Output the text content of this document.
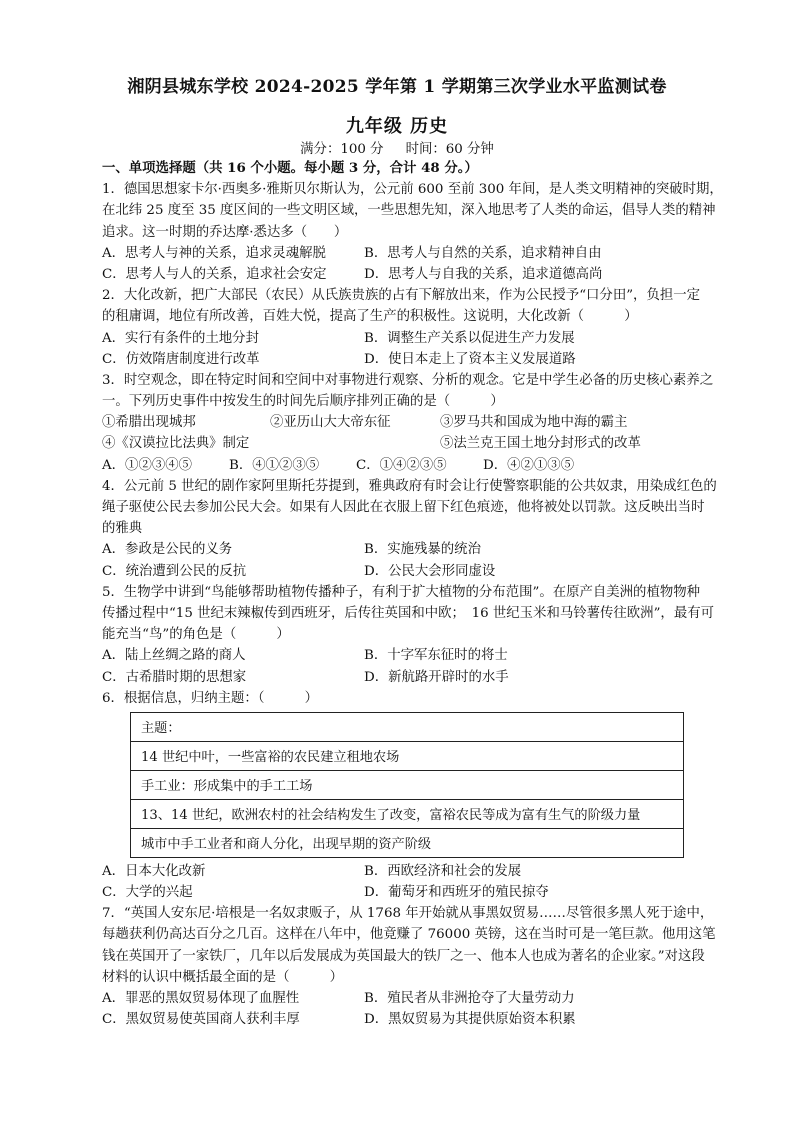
湘阴县城东学校 2024-2025 学年第 1 学期第三次学业水平监测试卷
九年级 历史
满分：100 分 时间：60 分钟
一、单项选择题（共 16 个小题。每小题 3 分，合计 48 分。）
1．德国思想家卡尔·西奥多·雅斯贝尔斯认为，公元前 600 至前 300 年间，是人类文明精神的突破时期，
在北纬 25 度至 35 度区间的一些文明区域，一些思想先知，深入地思考了人类的命运，倡导人类的精神
追求。这一时期的乔达摩·悉达多（　　）
A．思考人与神的关系，追求灵魂解脱	B．思考人与自然的关系，追求精神自由
C．思考人与人的关系，追求社会安定	D．思考人与自我的关系，追求道德高尚
2．大化改新，把广大部民（农民）从氏族贵族的占有下解放出来，作为公民授予“口分田”，负担一定
的租庸调，地位有所改善，百姓大悦，提高了生产的积极性。这说明，大化改新（　　　）
A．实行有条件的土地分封	B．调整生产关系以促进生产力发展
C．仿效隋唐制度进行改革	D．使日本走上了资本主义发展道路
3．时空观念，即在特定时间和空间中对事物进行观察、分析的观念。它是中学生必备的历史核心素养之
一。下列历史事件中按发生的时间先后顺序排列正确的是（　　　）
①希腊出现城邦	②亚历山大大帝东征	③罗马共和国成为地中海的霸主
④《汉谟拉比法典》制定	⑤法兰克王国土地分封形式的改革
A．①②③④⑤	B．④①②③⑤	C．①④②③⑤	D．④②①③⑤
4．公元前 5 世纪的剧作家阿里斯托芬提到，雅典政府有时会让行使警察职能的公共奴隶，用染成红色的
绳子驱使公民去参加公民大会。如果有人因此在衣服上留下红色痕迹，他将被处以罚款。这反映出当时
的雅典
A．参政是公民的义务	B．实施残暴的统治
C．统治遭到公民的反抗	D．公民大会形同虚设
5．生物学中讲到“鸟能够帮助植物传播种子，有利于扩大植物的分布范围”。在原产自美洲的植物物种
传播过程中“15 世纪末辣椒传到西班牙，后传往英国和中欧；　16 世纪玉米和马铃薯传往欧洲”，最有可
能充当“鸟”的角色是（　　　）
A．陆上丝绸之路的商人	B．十字军东征时的将士
C．古希腊时期的思想家	D．新航路开辟时的水手
6．根据信息，归纳主题：（　　　）
主题：
14 世纪中叶，一些富裕的农民建立租地农场
手工业：形成集中的手工工场
13、14 世纪，欧洲农村的社会结构发生了改变，富裕农民等成为富有生气的阶级力量
城市中手工业者和商人分化，出现早期的资产阶级
A．日本大化改新	B．西欧经济和社会的发展
C．大学的兴起	D．葡萄牙和西班牙的殖民掠夺
7．“英国人安东尼·培根是一名奴隶贩子，从 1768 年开始就从事黑奴贸易……尽管很多黑人死于途中，
每趟获利仍高达百分之几百。这样在八年中，他竟赚了 76000 英镑，这在当时可是一笔巨款。他用这笔
钱在英国开了一家铁厂，几年以后发展成为英国最大的铁厂之一、他本人也成为著名的企业家。”对这段
材料的认识中概括最全面的是（　　　）
A．罪恶的黑奴贸易体现了血腥性	B．殖民者从非洲抢夺了大量劳动力
C．黑奴贸易使英国商人获利丰厚	D．黑奴贸易为其提供原始资本积累
